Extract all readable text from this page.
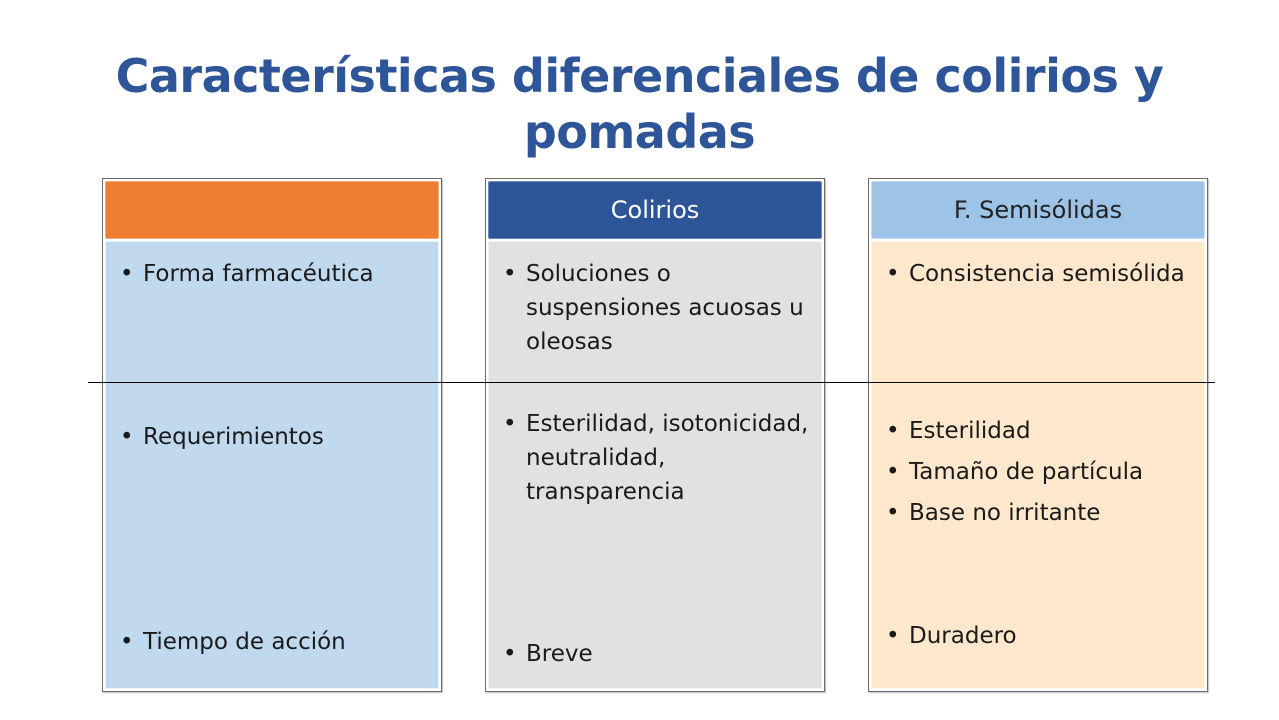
Características diferenciales de colirios y
pomadas
• Forma farmacéutica
• Requerimientos
• Tiempo de acción
Colirios
• Soluciones o suspensiones acuosas u oleosas
• Esterilidad, isotonicidad, neutralidad, transparencia
• Breve
F. Semisólidas
• Consistencia semisólida
• Esterilidad
• Tamaño de partícula
• Base no irritante
• Duradero
